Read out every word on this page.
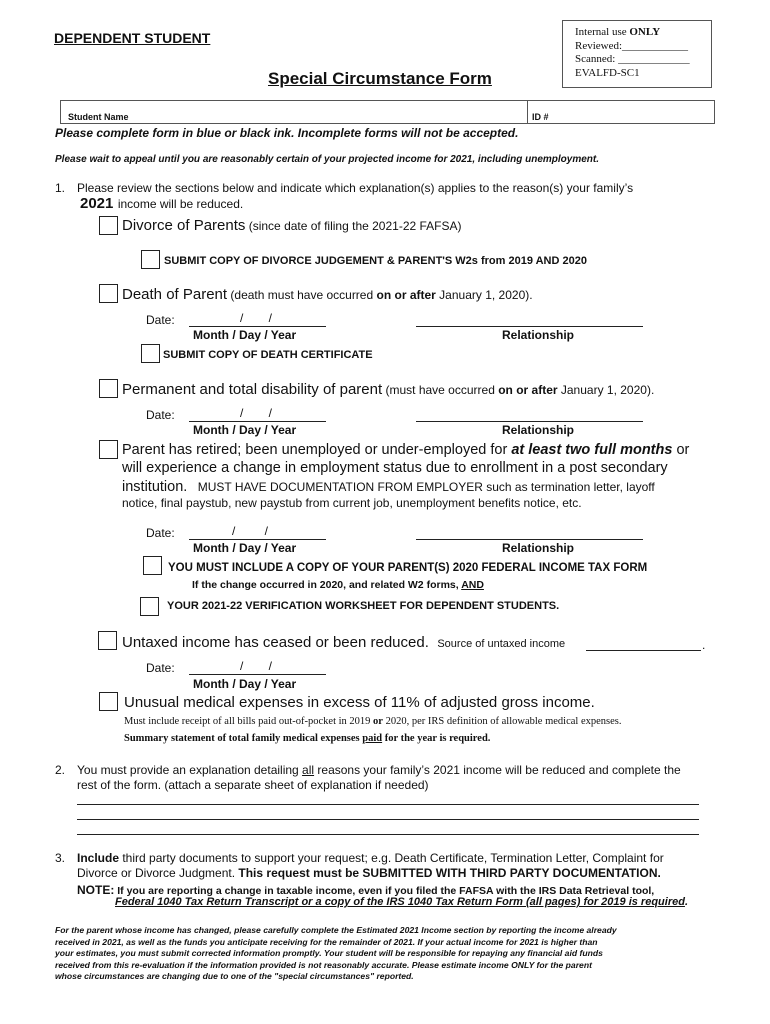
DEPENDENT STUDENT
Special Circumstance Form
Internal use ONLY
Reviewed:____________
Scanned: _____________
EVALFD-SC1
Student Name	ID #
Please complete form in blue or black ink. Incomplete forms will not be accepted.
Please wait to appeal until you are reasonably certain of your projected income for 2021, including unemployment.
1. Please review the sections below and indicate which explanation(s) applies to the reason(s) your family’s
2021 income will be reduced.
Divorce of Parents (since date of filing the 2021-22 FAFSA)
SUBMIT COPY OF DIVORCE JUDGEMENT & PARENT'S W2s from 2019 AND 2020
Death of Parent (death must have occurred on or after January 1, 2020).
Date:	/ /
Month / Day / Year	Relationship
SUBMIT COPY OF DEATH CERTIFICATE
Permanent and total disability of parent (must have occurred on or after January 1, 2020).
Date:	/ /
Month / Day / Year	Relationship
Parent has retired; been unemployed or under-employed for at least two full months or
will experience a change in employment status due to enrollment in a post secondary
institution. MUST HAVE DOCUMENTATION FROM EMPLOYER such as termination letter, layoff
notice, final paystub, new paystub from current job, unemployment benefits notice, etc.
Date:	/ /
Month / Day / Year	Relationship
YOU MUST INCLUDE A COPY OF YOUR PARENT(S) 2020 FEDERAL INCOME TAX FORM
If the change occurred in 2020, and related W2 forms, AND
YOUR 2021-22 VERIFICATION WORKSHEET FOR DEPENDENT STUDENTS.
Untaxed income has ceased or been reduced. Source of untaxed income	.
Date:	/ /
Month / Day / Year
Unusual medical expenses in excess of 11% of adjusted gross income.
Must include receipt of all bills paid out-of-pocket in 2019 or 2020, per IRS definition of allowable medical expenses.
Summary statement of total family medical expenses paid for the year is required.
2. You must provide an explanation detailing all reasons your family’s 2021 income will be reduced and complete the
rest of the form. (attach a separate sheet of explanation if needed)
3. Include third party documents to support your request; e.g. Death Certificate, Termination Letter, Complaint for
Divorce or Divorce Judgment. This request must be SUBMITTED WITH THIRD PARTY DOCUMENTATION.
NOTE: If you are reporting a change in taxable income, even if you filed the FAFSA with the IRS Data Retrieval tool,
Federal 1040 Tax Return Transcript or a copy of the IRS 1040 Tax Return Form (all pages) for 2019 is required.
For the parent whose income has changed, please carefully complete the Estimated 2021 Income section by reporting the income already
received in 2021, as well as the funds you anticipate receiving for the remainder of 2021. If your actual income for 2021 is higher than
your estimates, you must submit corrected information promptly. Your student will be responsible for repaying any financial aid funds
received from this re-evaluation if the information provided is not reasonably accurate. Please estimate income ONLY for the parent
whose circumstances are changing due to one of the "special circumstances" reported.
